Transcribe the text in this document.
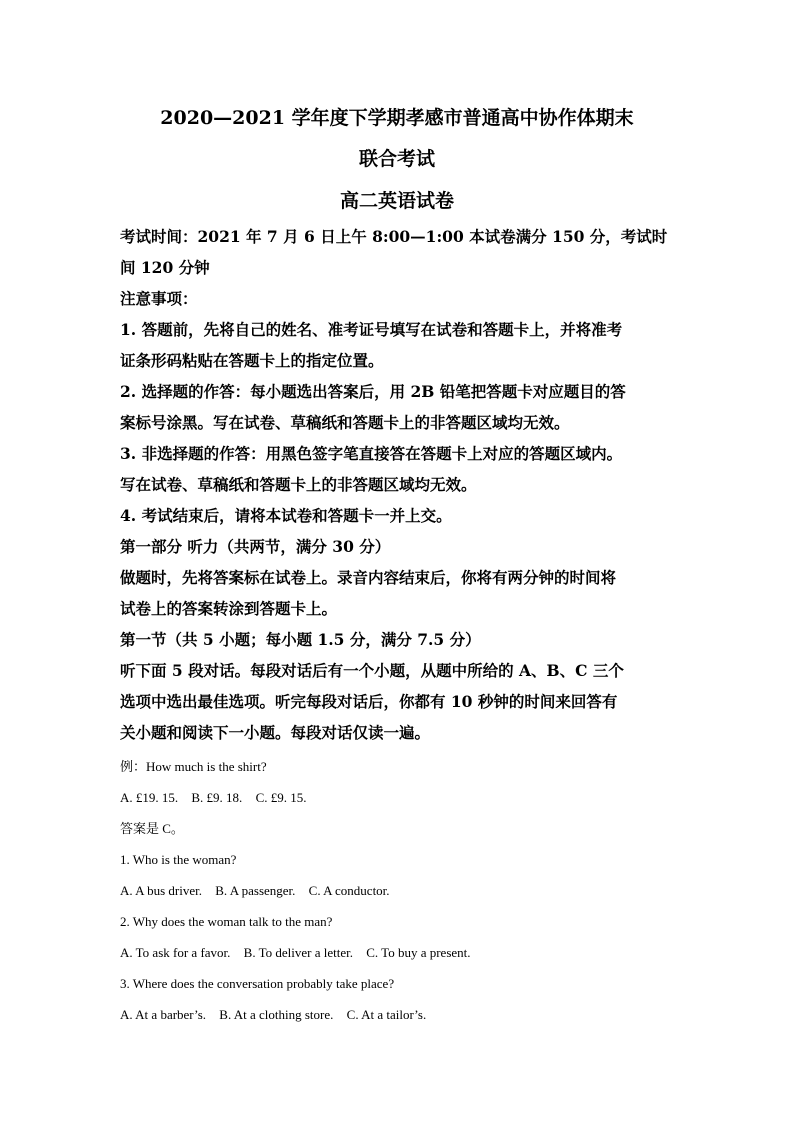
2020—2021 学年度下学期孝感市普通高中协作体期末
联合考试
高二英语试卷
考试时间：2021 年 7 月 6 日上午 8:00—1:00 本试卷满分 150 分，考试时
间 120 分钟
注意事项：
1. 答题前，先将自己的姓名、准考证号填写在试卷和答题卡上，并将准考
证条形码粘贴在答题卡上的指定位置。
2. 选择题的作答：每小题选出答案后，用 2B 铅笔把答题卡对应题目的答
案标号涂黑。写在试卷、草稿纸和答题卡上的非答题区域均无效。
3. 非选择题的作答：用黑色签字笔直接答在答题卡上对应的答题区域内。
写在试卷、草稿纸和答题卡上的非答题区域均无效。
4. 考试结束后，请将本试卷和答题卡一并上交。
第一部分 听力（共两节，满分 30 分）
做题时，先将答案标在试卷上。录音内容结束后，你将有两分钟的时间将
试卷上的答案转涂到答题卡上。
第一节（共 5 小题；每小题 1.5 分，满分 7.5 分）
听下面 5 段对话。每段对话后有一个小题，从题中所给的 A、B、C 三个
选项中选出最佳选项。听完每段对话后，你都有 10 秒钟的时间来回答有
关小题和阅读下一小题。每段对话仅读一遍。
例：How much is the shirt?
A. £19. 15. B. £9. 18. C. £9. 15.
答案是 C。
1. Who is the woman?
A. A bus driver. B. A passenger. C. A conductor.
2. Why does the woman talk to the man?
A. To ask for a favor. B. To deliver a letter. C. To buy a present.
3. Where does the conversation probably take place?
A. At a barber’s. B. At a clothing store. C. At a tailor’s.
